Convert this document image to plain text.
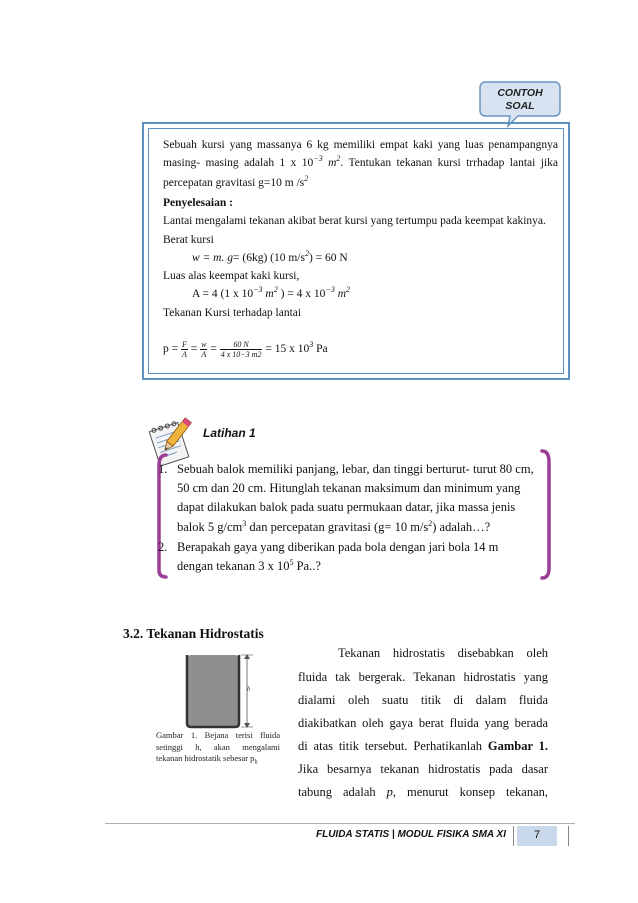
CONTOH
SOAL
Sebuah kursi yang massanya 6 kg memiliki empat kaki yang luas penampangnya
masing- masing adalah 1 x $10^{-3}$ $m^2$. Tentukan tekanan kursi trrhadap lantai jika
percepatan gravitasi g=10 m $/s^2$
Penyelesaian :
Lantai mengalami tekanan akibat berat kursi yang tertumpu pada keempat kakinya.
Berat kursi
w = m. g= (6kg) (10 $m/s^2) = 60$ N
Luas alas keempat kaki kursi,
A = 4 (1 x $10^{-3}$ $m^2$ ) = 4 x $10^{-3}$ $m^2$
Tekanan Kursi terhadap lantai
$p = \frac{F}{A} = \frac{w}{A} = \frac{60 N}{4 x 10-3 m2} = 15$ x $10^3$ Pa
Latihan 1
1. Sebuah balok memiliki panjang, lebar, dan tinggi berturut- turut 80 cm,
50 cm dan 20 cm. Hitunglah tekanan maksimum dan minimum yang
dapat dilakukan balok pada suatu permukaan datar, jika massa jenis
balok 5 $g/cm^3$ dan percepatan gravitasi (g= 10 $m/s^2$) adalah…?
2. Berapakah gaya yang diberikan pada bola dengan jari bola 14 m
dengan tekanan 3 x $10^5$ Pa..?
3.2. Tekanan Hidrostatis
h
Gambar 1. Bejana terisi fluida
setinggi h, akan mengalami
tekanan hidrostatik sebesar $p_h$
Tekanan hidrostatis disebabkan oleh
fluida tak bergerak. Tekanan hidrostatis yang
dialami oleh suatu titik di dalam fluida
diakibatkan oleh gaya berat fluida yang berada
di atas titik tersebut. Perhatikanlah Gambar 1.
Jika besarnya tekanan hidrostatis pada dasar
tabung adalah p, menurut konsep tekanan,
FLUIDA STATIS | MODUL FISIKA SMA XI	7
